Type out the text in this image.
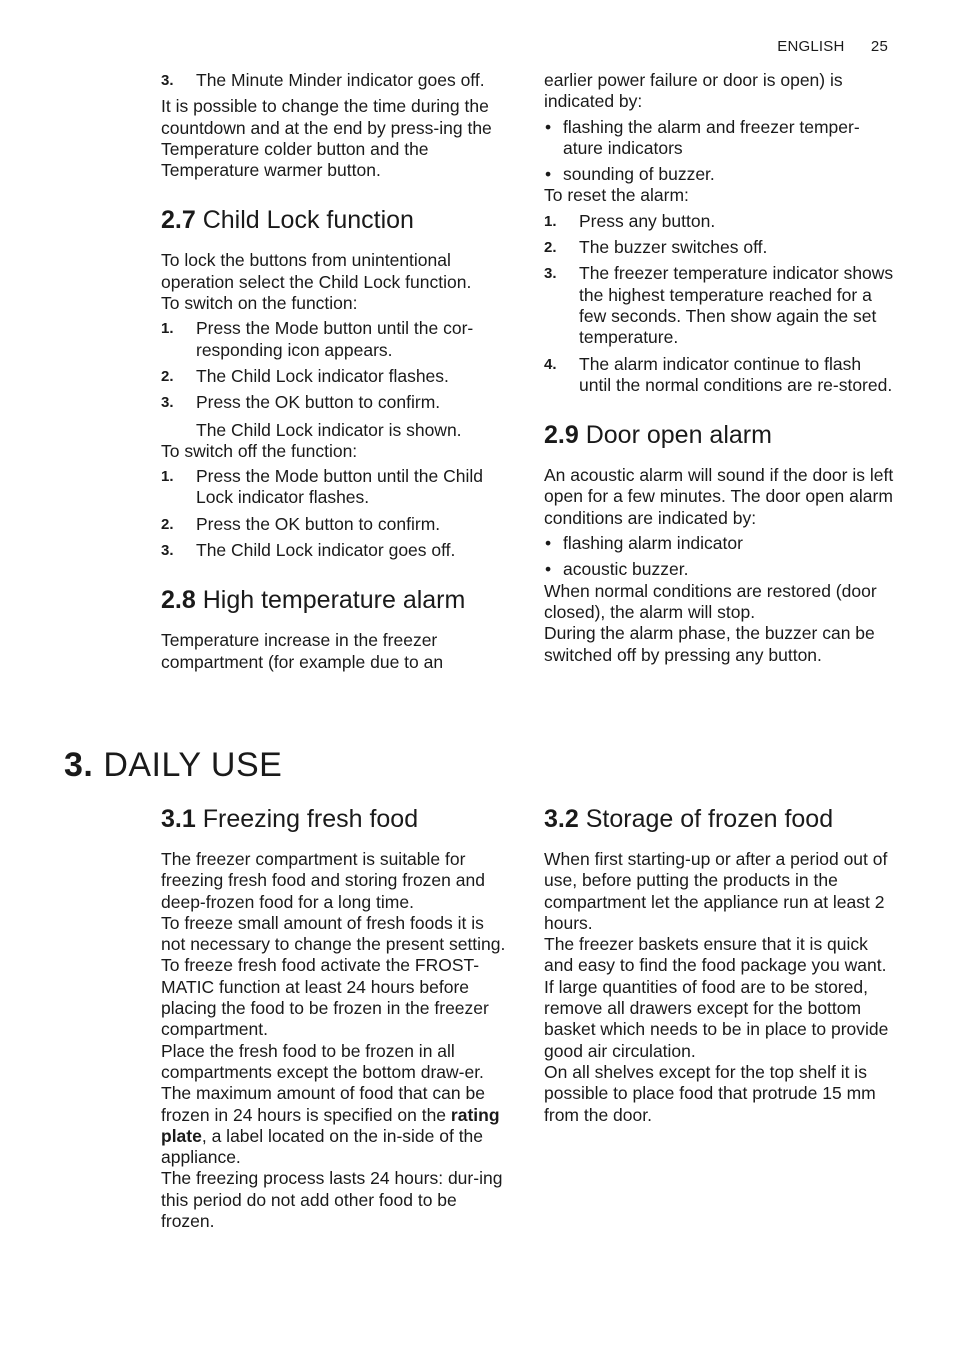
ENGLISH 25
3. The Minute Minder indicator goes off.

It is possible to change the time during the countdown and at the end by press-ing the Temperature colder button and the Temperature warmer button.

2.7 Child Lock function

To lock the buttons from unintentional operation select the Child Lock function.

To switch on the function:

1. Press the Mode button until the cor-responding icon appears.
2. The Child Lock indicator flashes.
3. Press the OK button to confirm.

The Child Lock indicator is shown.

To switch off the function:

1. Press the Mode button until the Child Lock indicator flashes.
2. Press the OK button to confirm.
3. The Child Lock indicator goes off.
2.8 High temperature alarm

Temperature increase in the freezer compartment (for example due to an

earlier power failure or door is open) is indicated by:

• flashing the alarm and freezer temper-ature indicators
• sounding of buzzer.

To reset the alarm:

1. Press any button.
2. The buzzer switches off.
3. The freezer temperature indicator shows the highest temperature reached for a few seconds. Then show again the set temperature.
4. The alarm indicator continue to flash until the normal conditions are re-stored.
2.9 Door open alarm

An acoustic alarm will sound if the door is left open for a few minutes. The door open alarm conditions are indicated by:

• flashing alarm indicator
• acoustic buzzer.

When normal conditions are restored (door closed), the alarm will stop.

During the alarm phase, the buzzer can be switched off by pressing any button.

3. DAILY USE
3.1 Freezing fresh food

The freezer compartment is suitable for freezing fresh food and storing frozen and deep-frozen food for a long time.

To freeze small amount of fresh foods it is not necessary to change the present setting.

To freeze fresh food activate the FROST-MATIC function at least 24 hours before placing the food to be frozen in the freezer compartment.

Place the fresh food to be frozen in all compartments except the bottom draw-er.

The maximum amount of food that can be frozen in 24 hours is specified on the rating plate, a label located on the in-side of the appliance.

The freezing process lasts 24 hours: dur-ing this period do not add other food to be frozen.

3.2 Storage of frozen food

When first starting-up or after a period out of use, before putting the products in the compartment let the appliance run at least 2 hours.

The freezer baskets ensure that it is quick and easy to find the food package you want. If large quantities of food are to be stored, remove all drawers except for the bottom basket which needs to be in place to provide good air circulation.

On all shelves except for the top shelf it is possible to place food that protrude 15 mm from the door.
